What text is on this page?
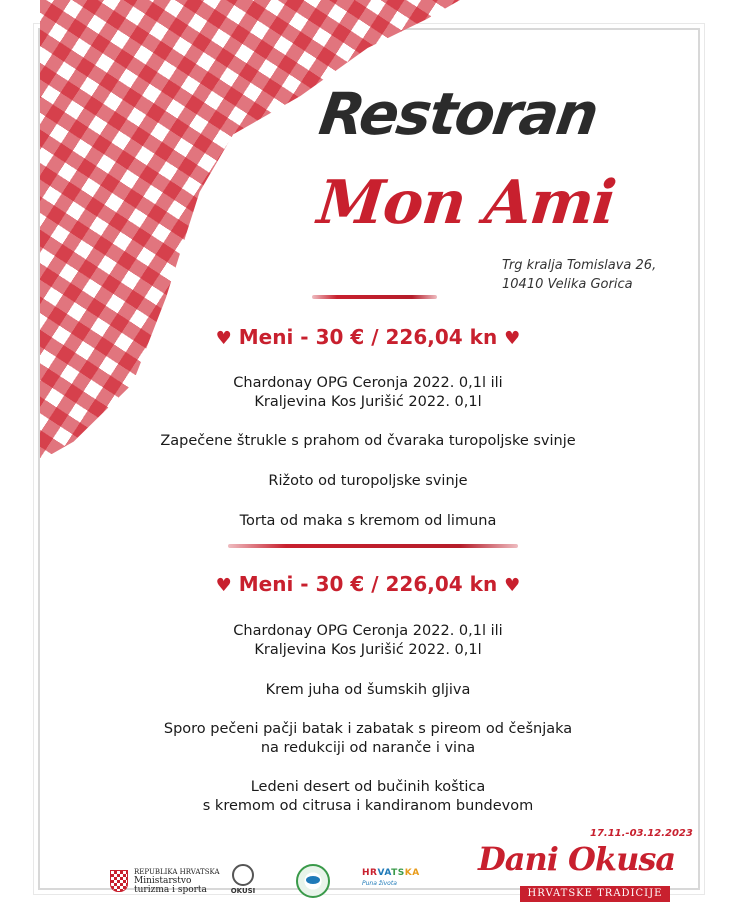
Restoran
Mon Ami
Trg kralja Tomislava 26,
10410 Velika Gorica
♥ Meni - 30 € / 226,04 kn ♥
Chardonay OPG Ceronja 2022. 0,1l ili
Kraljevina Kos Jurišić 2022. 0,1l
Zapečene štrukle s prahom od čvaraka turopoljske svinje
Rižoto od turopoljske svinje
Torta od maka s kremom od limuna
♥ Meni - 30 € / 226,04 kn ♥
Chardonay OPG Ceronja 2022. 0,1l ili
Kraljevina Kos Jurišić 2022. 0,1l
Krem juha od šumskih gljiva
Sporo pečeni pačji batak i zabatak s pireom od češnjaka
na redukciji od naranče i vina
Ledeni desert od bučinih koštica
s kremom od citrusa i kandiranom bundevom
REPUBLIKA HRVATSKA
Ministarstvo
turizma i sporta	OKUSI
HRVATSKA
Puna života
17.11.-03.12.2023
Dani Okusa
HRVATSKE TRADICIJE
